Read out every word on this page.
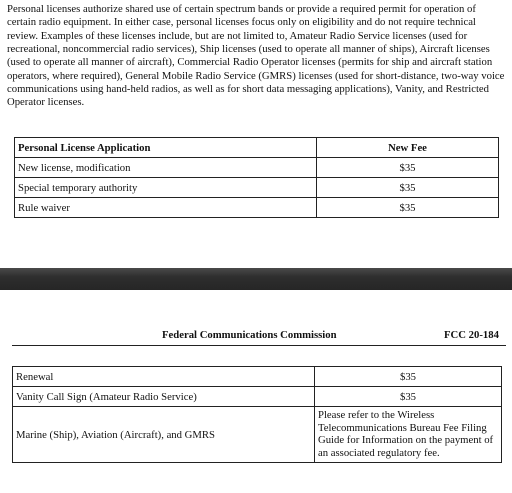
Personal licenses authorize shared use of certain spectrum bands or provide a required permit for operation of certain radio equipment. In either case, personal licenses focus only on eligibility and do not require technical review. Examples of these licenses include, but are not limited to, Amateur Radio Service licenses (used for recreational, noncommercial radio services), Ship licenses (used to operate all manner of ships), Aircraft licenses (used to operate all manner of aircraft), Commercial Radio Operator licenses (permits for ship and aircraft station operators, where required), General Mobile Radio Service (GMRS) licenses (used for short-distance, two-way voice communications using hand-held radios, as well as for short data messaging applications), Vanity, and Restricted Operator licenses.

Personal License Application	New Fee
New license, modification	$35
Special temporary authority	$35
Rule waiver	$35
Federal Communications Commission	FCC 20-184
Renewal	$35
Vanity Call Sign (Amateur Radio Service)	$35
Marine (Ship), Aviation (Aircraft), and GMRS	Please refer to the Wireless Telecommunications Bureau Fee Filing Guide for Information on the payment of an associated regulatory fee.
